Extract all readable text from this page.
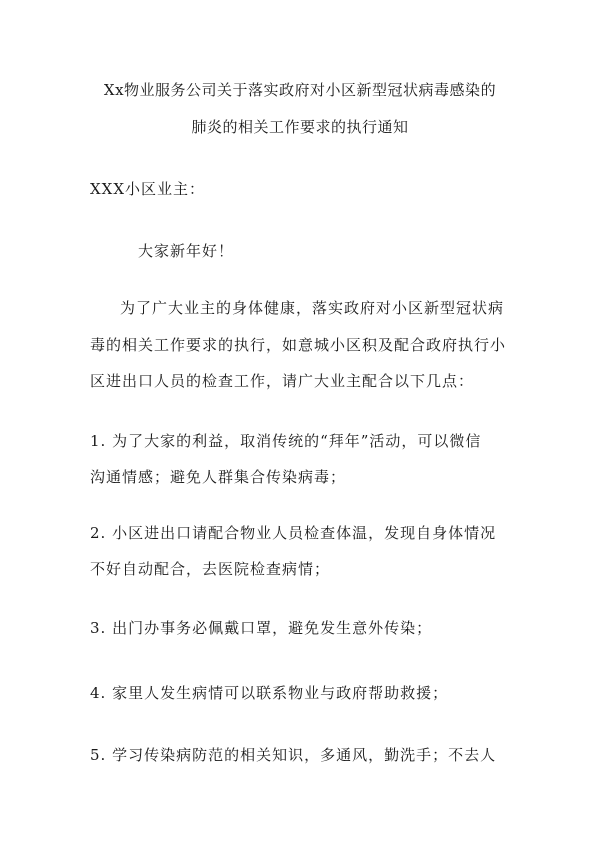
Xx物业服务公司关于落实政府对小区新型冠状病毒感染的
肺炎的相关工作要求的执行通知
XXX小区业主：
大家新年好！
为了广大业主的身体健康，落实政府对小区新型冠状病
毒的相关工作要求的执行，如意城小区积及配合政府执行小
区进出口人员的检查工作，请广大业主配合以下几点：
1. 为了大家的利益，取消传统的“拜年”活动，可以微信
沟通情感；避免人群集合传染病毒；
2. 小区进出口请配合物业人员检查体温，发现自身体情况
不好自动配合，去医院检查病情；
3. 出门办事务必佩戴口罩，避免发生意外传染；
4. 家里人发生病情可以联系物业与政府帮助救援；
5. 学习传染病防范的相关知识，多通风，勤洗手；不去人
